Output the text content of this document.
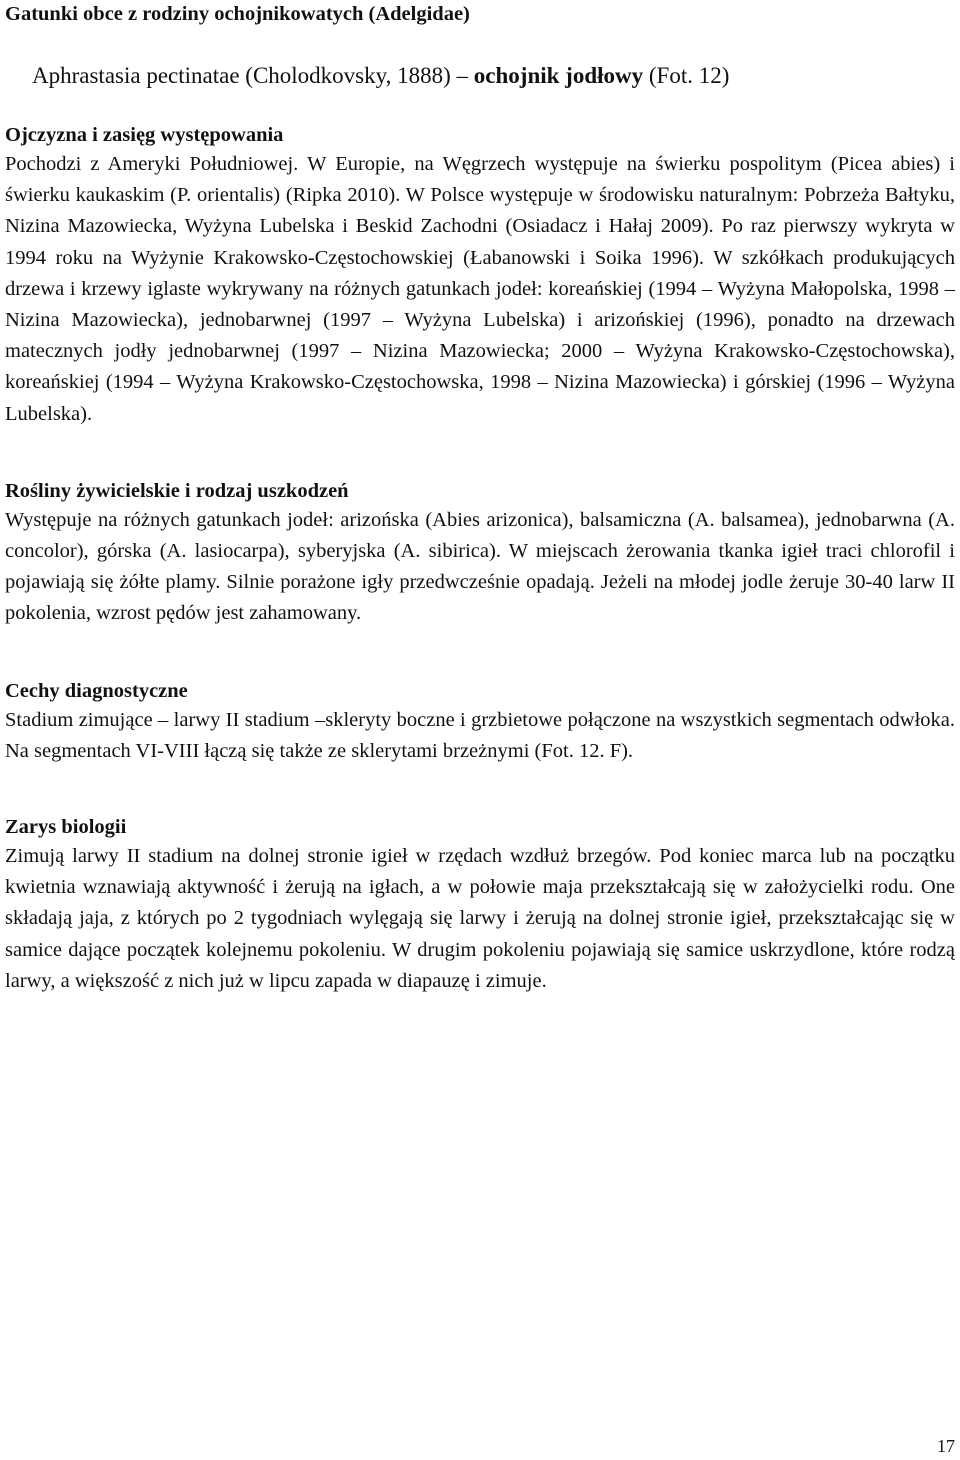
Gatunki obce z rodziny ochojnikowatych (Adelgidae)
Aphrastasia pectinatae (Cholodkovsky, 1888) – ochojnik jodłowy (Fot. 12)
Ojczyzna i zasięg występowania

Pochodzi z Ameryki Południowej. W Europie, na Węgrzech występuje na świerku pospolitym (Picea abies) i świerku kaukaskim (P. orientalis) (Ripka 2010). W Polsce występuje w środowisku naturalnym: Pobrzeża Bałtyku, Nizina Mazowiecka, Wyżyna Lubelska i Beskid Zachodni (Osiadacz i Hałaj 2009). Po raz pierwszy wykryta w 1994 roku na Wyżynie Krakowsko-Częstochowskiej (Łabanowski i Soika 1996). W szkółkach produkujących drzewa i krzewy iglaste wykrywany na różnych gatunkach jodeł: koreańskiej (1994 – Wyżyna Małopolska, 1998 – Nizina Mazowiecka), jednobarwnej (1997 – Wyżyna Lubelska) i arizońskiej (1996), ponadto na drzewach matecznych jodły jednobarwnej (1997 – Nizina Mazowiecka; 2000 – Wyżyna Krakowsko-Częstochowska), koreańskiej (1994 – Wyżyna Krakowsko-Częstochowska, 1998 – Nizina Mazowiecka) i górskiej (1996 – Wyżyna Lubelska).

Rośliny żywicielskie i rodzaj uszkodzeń

Występuje na różnych gatunkach jodeł: arizońska (Abies arizonica), balsamiczna (A. balsamea), jednobarwna (A. concolor), górska (A. lasiocarpa), syberyjska (A. sibirica). W miejscach żerowania tkanka igieł traci chlorofil i pojawiają się żółte plamy. Silnie porażone igły przedwcześnie opadają. Jeżeli na młodej jodle żeruje 30-40 larw II pokolenia, wzrost pędów jest zahamowany.

Cechy diagnostyczne

Stadium zimujące – larwy II stadium –skleryty boczne i grzbietowe połączone na wszystkich segmentach odwłoka. Na segmentach VI-VIII łączą się także ze sklerytami brzeżnymi (Fot. 12. F).

Zarys biologii

Zimują larwy II stadium na dolnej stronie igieł w rzędach wzdłuż brzegów. Pod koniec marca lub na początku kwietnia wznawiają aktywność i żerują na igłach, a w połowie maja przekształcają się w założycielki rodu. One składają jaja, z których po 2 tygodniach wylęgają się larwy i żerują na dolnej stronie igieł, przekształcając się w samice dające początek kolejnemu pokoleniu. W drugim pokoleniu pojawiają się samice uskrzydlone, które rodzą larwy, a większość z nich już w lipcu zapada w diapauzę i zimuje.

17
